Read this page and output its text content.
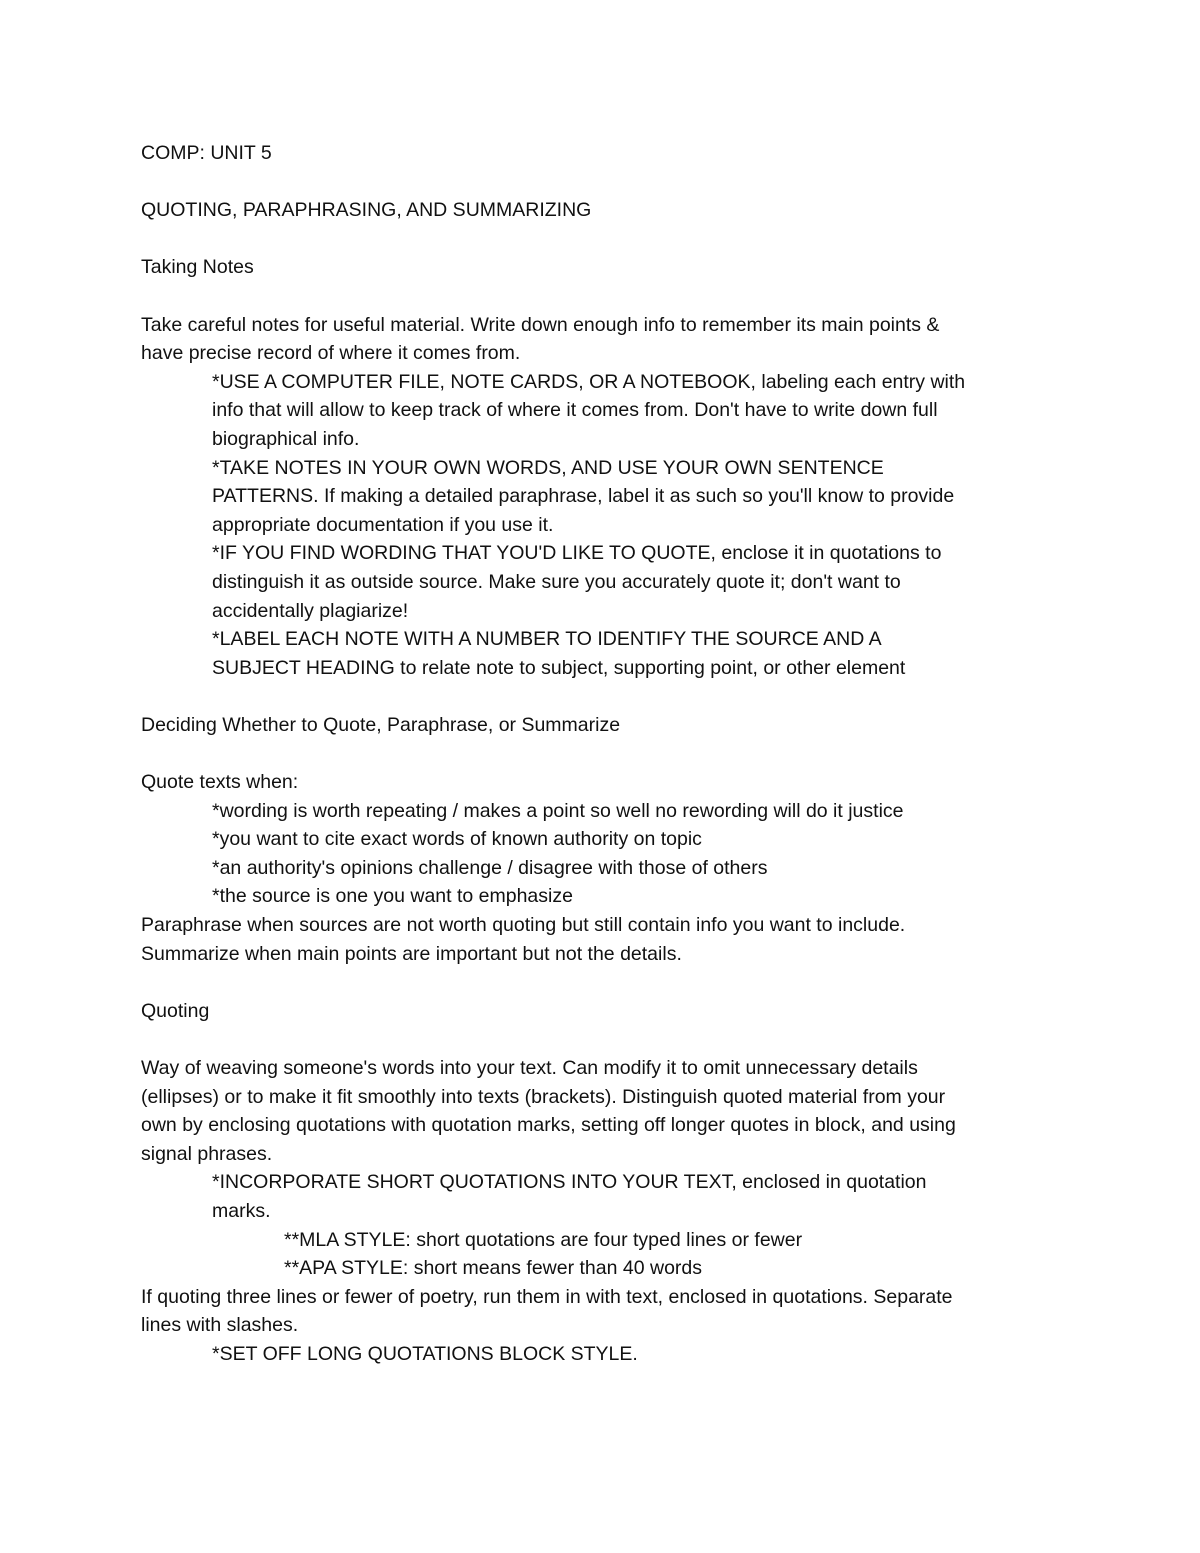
COMP: UNIT 5
QUOTING, PARAPHRASING, AND SUMMARIZING
Taking Notes
Take careful notes for useful material. Write down enough info to remember its main points &
have precise record of where it comes from.
*USE A COMPUTER FILE, NOTE CARDS, OR A NOTEBOOK, labeling each entry with
info that will allow to keep track of where it comes from. Don't have to write down full
biographical info.
*TAKE NOTES IN YOUR OWN WORDS, AND USE YOUR OWN SENTENCE
PATTERNS. If making a detailed paraphrase, label it as such so you'll know to provide
appropriate documentation if you use it.
*IF YOU FIND WORDING THAT YOU'D LIKE TO QUOTE, enclose it in quotations to
distinguish it as outside source. Make sure you accurately quote it; don't want to
accidentally plagiarize!
*LABEL EACH NOTE WITH A NUMBER TO IDENTIFY THE SOURCE AND A
SUBJECT HEADING to relate note to subject, supporting point, or other element
Deciding Whether to Quote, Paraphrase, or Summarize
Quote texts when:
*wording is worth repeating / makes a point so well no rewording will do it justice
*you want to cite exact words of known authority on topic
*an authority's opinions challenge / disagree with those of others
*the source is one you want to emphasize
Paraphrase when sources are not worth quoting but still contain info you want to include.
Summarize when main points are important but not the details.
Quoting
Way of weaving someone's words into your text. Can modify it to omit unnecessary details
(ellipses) or to make it fit smoothly into texts (brackets). Distinguish quoted material from your
own by enclosing quotations with quotation marks, setting off longer quotes in block, and using
signal phrases.
*INCORPORATE SHORT QUOTATIONS INTO YOUR TEXT, enclosed in quotation
marks.
**MLA STYLE: short quotations are four typed lines or fewer
**APA STYLE: short means fewer than 40 words
If quoting three lines or fewer of poetry, run them in with text, enclosed in quotations. Separate
lines with slashes.
*SET OFF LONG QUOTATIONS BLOCK STYLE.
